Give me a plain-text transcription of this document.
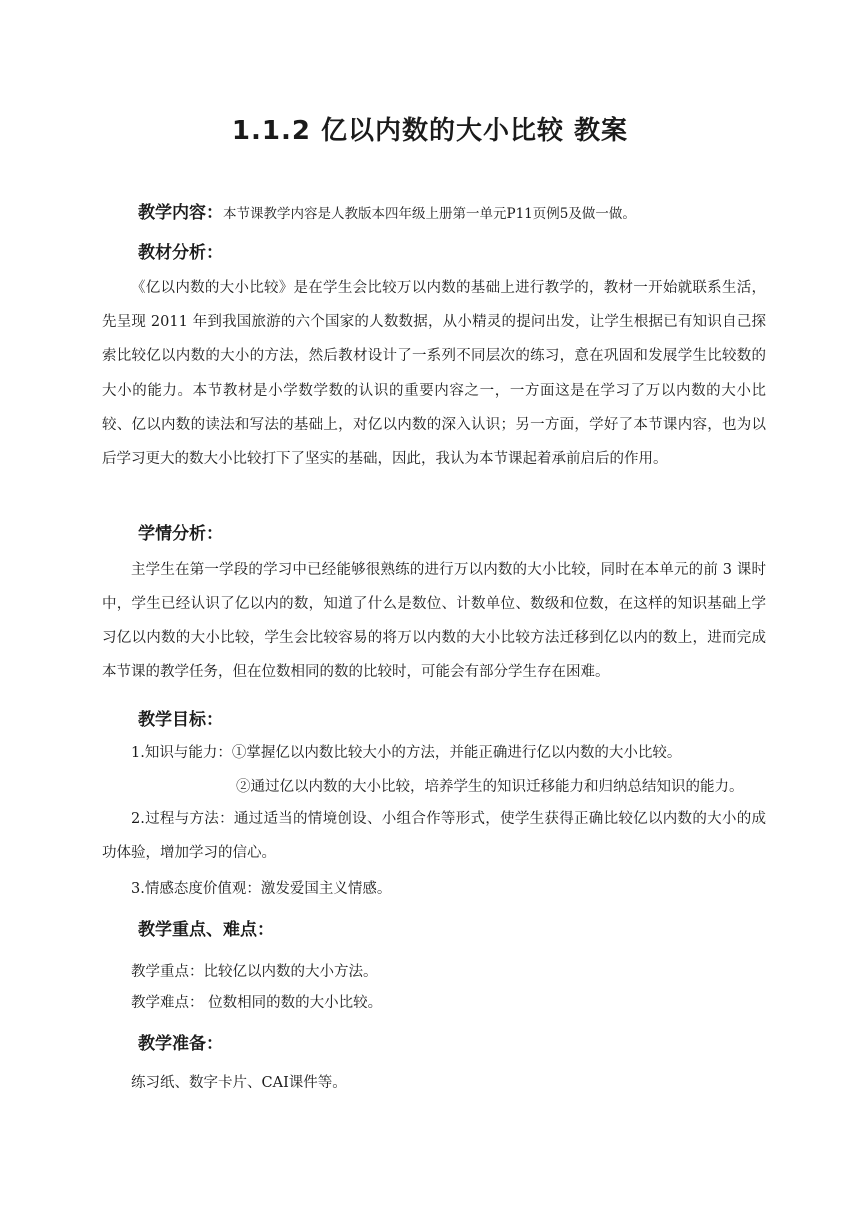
1.1.2 亿以内数的大小比较 教案
教学内容：本节课教学内容是人教版本四年级上册第一单元P11页例5及做一做。
教材分析：
《亿以内数的大小比较》是在学生会比较万以内数的基础上进行教学的，教材一开始就联系生活，先呈现 2011 年到我国旅游的六个国家的人数数据，从小精灵的提问出发，让学生根据已有知识自己探索比较亿以内数的大小的方法，然后教材设计了一系列不同层次的练习，意在巩固和发展学生比较数的大小的能力。本节教材是小学数学数的认识的重要内容之一，一方面这是在学习了万以内数的大小比较、亿以内数的读法和写法的基础上，对亿以内数的深入认识；另一方面，学好了本节课内容，也为以后学习更大的数大小比较打下了坚实的基础，因此，我认为本节课起着承前启后的作用。
学情分析：
主学生在第一学段的学习中已经能够很熟练的进行万以内数的大小比较，同时在本单元的前 3 课时中，学生已经认识了亿以内的数，知道了什么是数位、计数单位、数级和位数，在这样的知识基础上学习亿以内数的大小比较，学生会比较容易的将万以内数的大小比较方法迁移到亿以内的数上，进而完成本节课的教学任务，但在位数相同的数的比较时，可能会有部分学生存在困难。
教学目标：
1.知识与能力：①掌握亿以内数比较大小的方法，并能正确进行亿以内数的大小比较。
②通过亿以内数的大小比较，培养学生的知识迁移能力和归纳总结知识的能力。
2.过程与方法：通过适当的情境创设、小组合作等形式，使学生获得正确比较亿以内数的大小的成功体验，增加学习的信心。
3.情感态度价值观：激发爱国主义情感。
教学重点、难点：
教学重点：比较亿以内数的大小方法。
教学难点： 位数相同的数的大小比较。
教学准备：
练习纸、数字卡片、CAI课件等。
